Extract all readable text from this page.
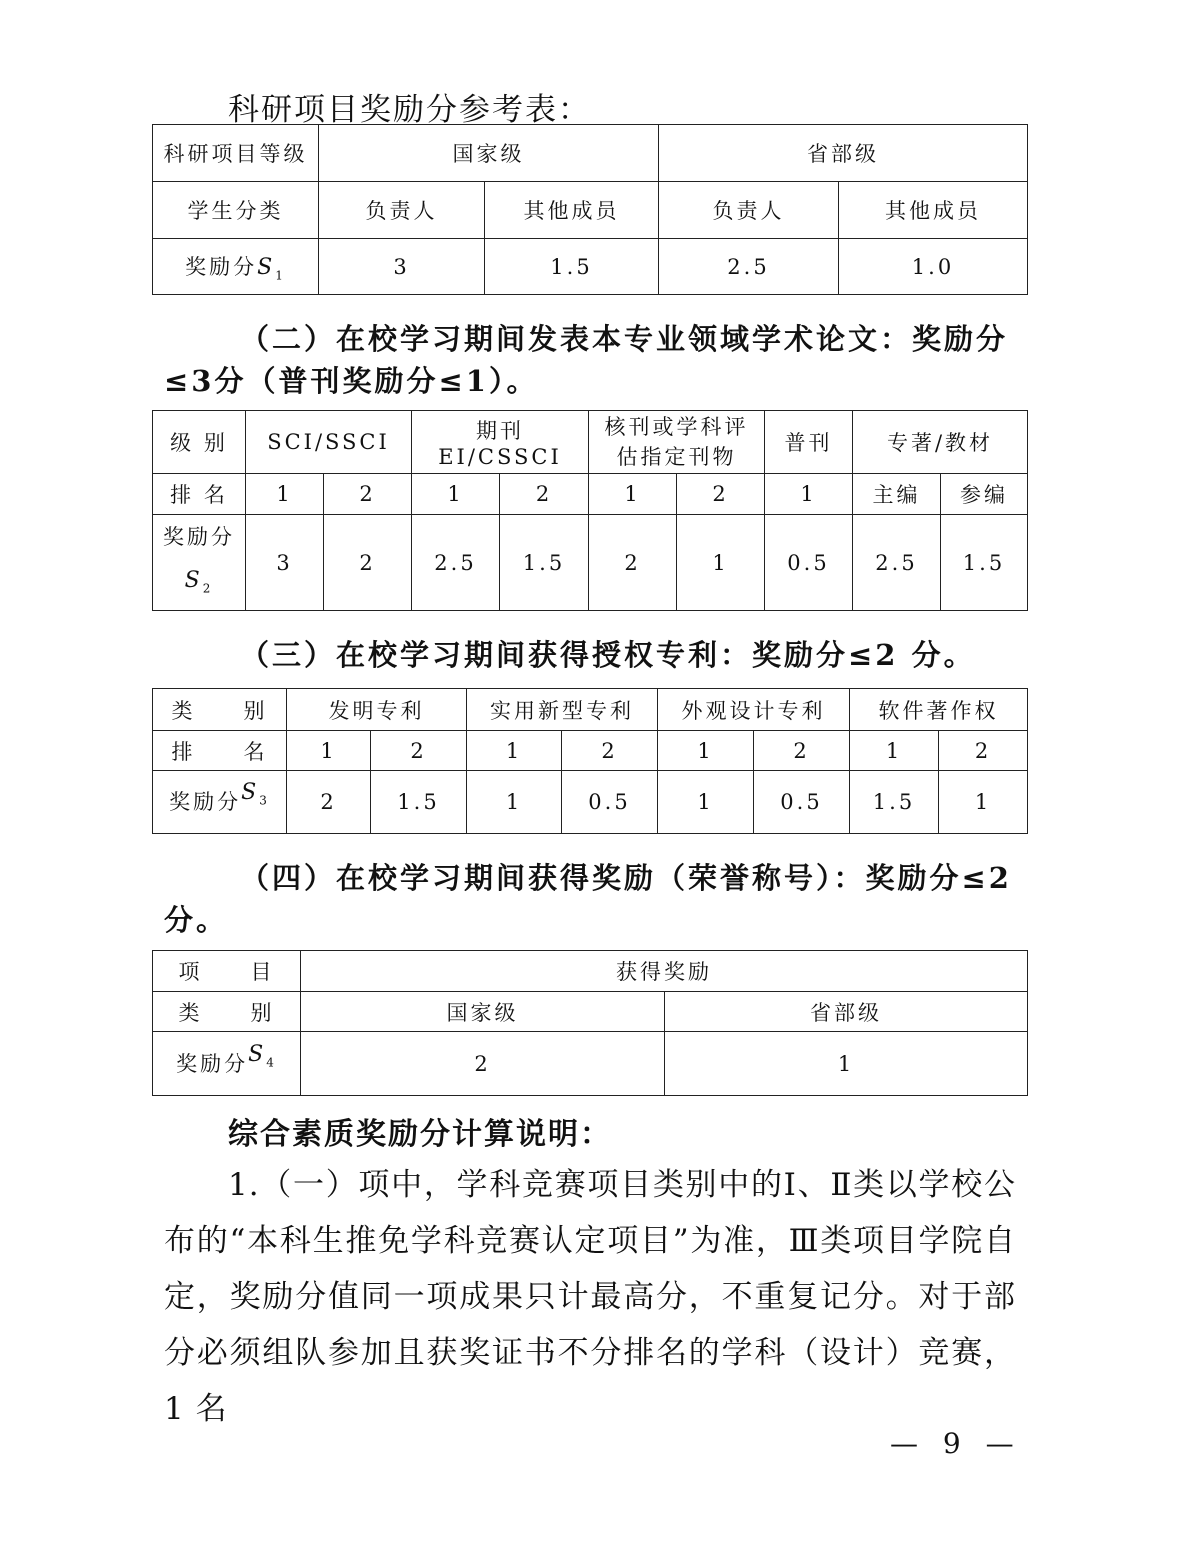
科研项目奖励分参考表：
科研项目等级	国家级		省部级	
学生分类	负责人	其他成员	负责人	其他成员
奖励分$S_1$	3	1.5	2.5	1.0
（二）在校学习期间发表本专业领域学术论文：奖励分≤3分（普刊奖励分≤1）。
级 别	SCI/SSCI		期刊 EI/CSSCI		核刊或学科评估指定刊物		普刊	专著/教材	
排 名	1	2	1	2	1	2	1	主编	参编

奖励分
$S_2$	3	2	2.5	1.5	2	1	0.5	2.5	1.5
（三）在校学习期间获得授权专利：奖励分≤2 分。
类　　别	发明专利		实用新型专利		外观设计专利		软件著作权	
排　　名	1	2	1	2	1	2	1	2
奖励分$S_3$	2	1.5	1	0.5	1	0.5	1.5	1
（四）在校学习期间获得奖励（荣誉称号）：奖励分≤2分。
项　　目	获得奖励	
类　　别	国家级	省部级
奖励分$S_4$	2	1
综合素质奖励分计算说明：
1.（一）项中，学科竞赛项目类别中的Ⅰ、Ⅱ类以学校公布的“本科生推免学科竞赛认定项目”为准，Ⅲ类项目学院自定，奖励分值同一项成果只计最高分，不重复记分。对于部分必须组队参加且获奖证书不分排名的学科（设计）竞赛，1 名
— 9 —
